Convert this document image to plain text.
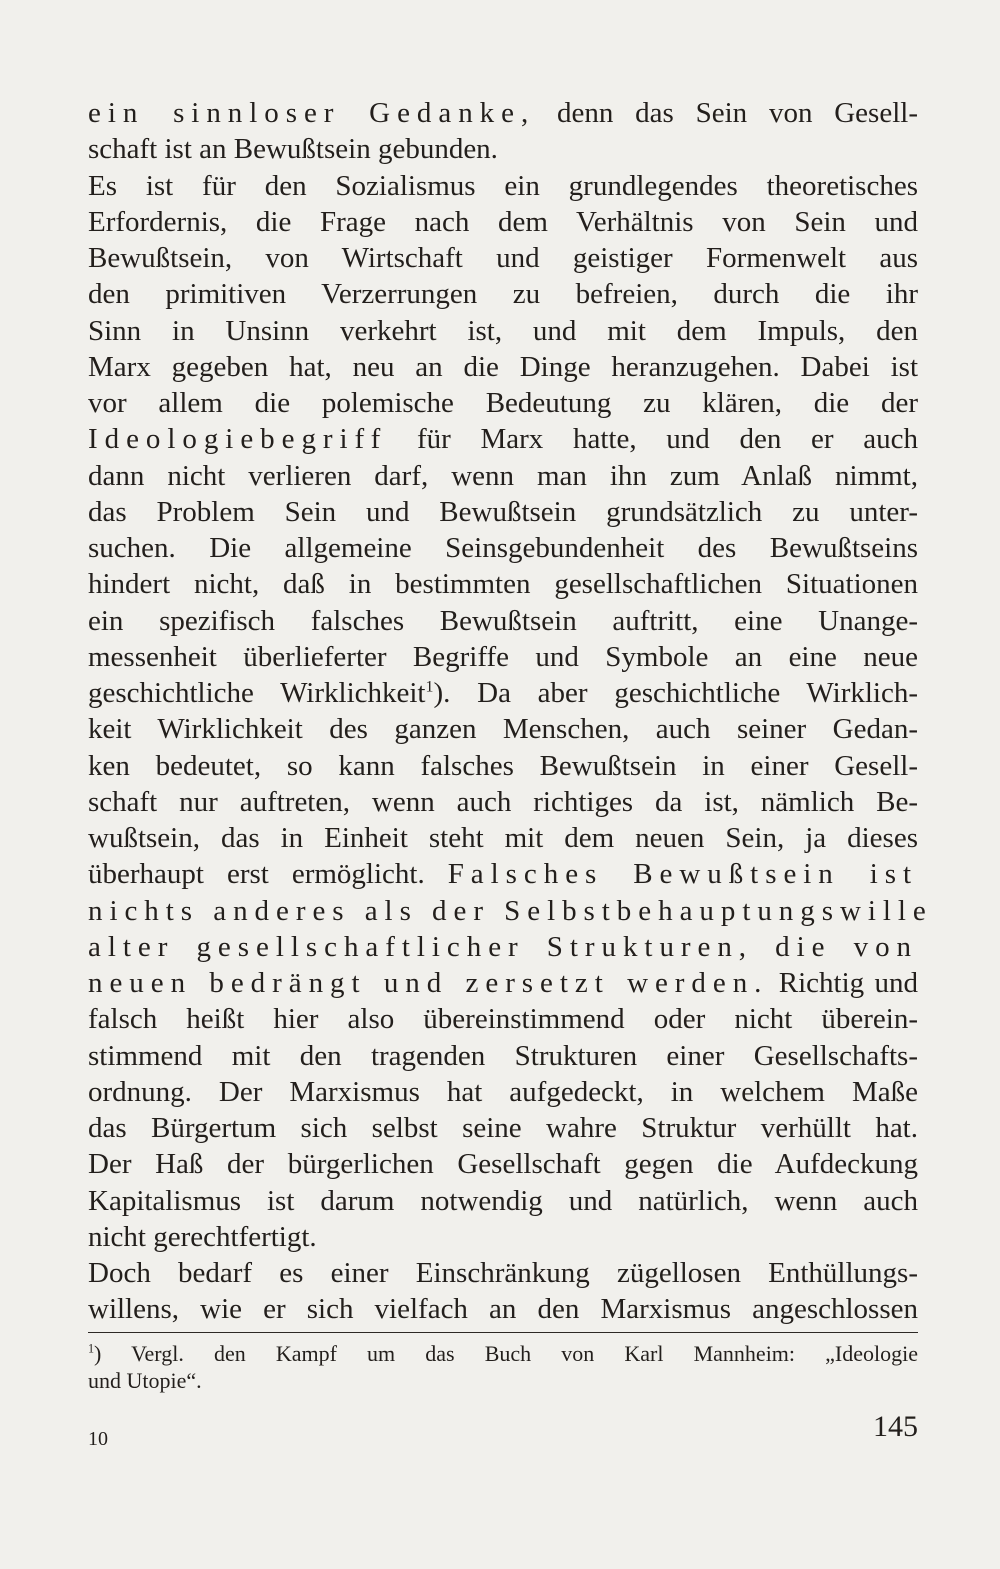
ein sinnloser Gedanke, denn das Sein von Gesell-
schaft ist an Bewußtsein gebunden.
Es ist für den Sozialismus ein grundlegendes theoretisches
Erfordernis, die Frage nach dem Verhältnis von Sein und
Bewußtsein, von Wirtschaft und geistiger Formenwelt aus
den primitiven Verzerrungen zu befreien, durch die ihr
Sinn in Unsinn verkehrt ist, und mit dem Impuls, den
Marx gegeben hat, neu an die Dinge heranzugehen. Dabei ist
vor allem die polemische Bedeutung zu klären, die der
Ideologiebegriff für Marx hatte, und den er auch
dann nicht verlieren darf, wenn man ihn zum Anlaß nimmt,
das Problem Sein und Bewußtsein grundsätzlich zu unter-
suchen. Die allgemeine Seinsgebundenheit des Bewußtseins
hindert nicht, daß in bestimmten gesellschaftlichen Situationen
ein spezifisch falsches Bewußtsein auftritt, eine Unange-
messenheit überlieferter Begriffe und Symbole an eine neue
geschichtliche Wirklichkeit$^1$). Da aber geschichtliche Wirklich-
keit Wirklichkeit des ganzen Menschen, auch seiner Gedan-
ken bedeutet, so kann falsches Bewußtsein in einer Gesell-
schaft nur auftreten, wenn auch richtiges da ist, nämlich Be-
wußtsein, das in Einheit steht mit dem neuen Sein, ja dieses
überhaupt erst ermöglicht. Falsches Bewußtsein ist
nichts anderes als der Selbstbehauptungswille
alter gesellschaftlicher Strukturen, die von
neuen bedrängt und zersetzt werden. Richtig und
falsch heißt hier also übereinstimmend oder nicht überein-
stimmend mit den tragenden Strukturen einer Gesellschafts-
ordnung. Der Marxismus hat aufgedeckt, in welchem Maße
das Bürgertum sich selbst seine wahre Struktur verhüllt hat.
Der Haß der bürgerlichen Gesellschaft gegen die Aufdeckung
Kapitalismus ist darum notwendig und natürlich, wenn auch
nicht gerechtfertigt.
Doch bedarf es einer Einschränkung zügellosen Enthüllungs-
willens, wie er sich vielfach an den Marxismus angeschlossen
$^1$) Vergl. den Kampf um das Buch von Karl Mannheim: „Ideologie
und Utopie“.
10	145
